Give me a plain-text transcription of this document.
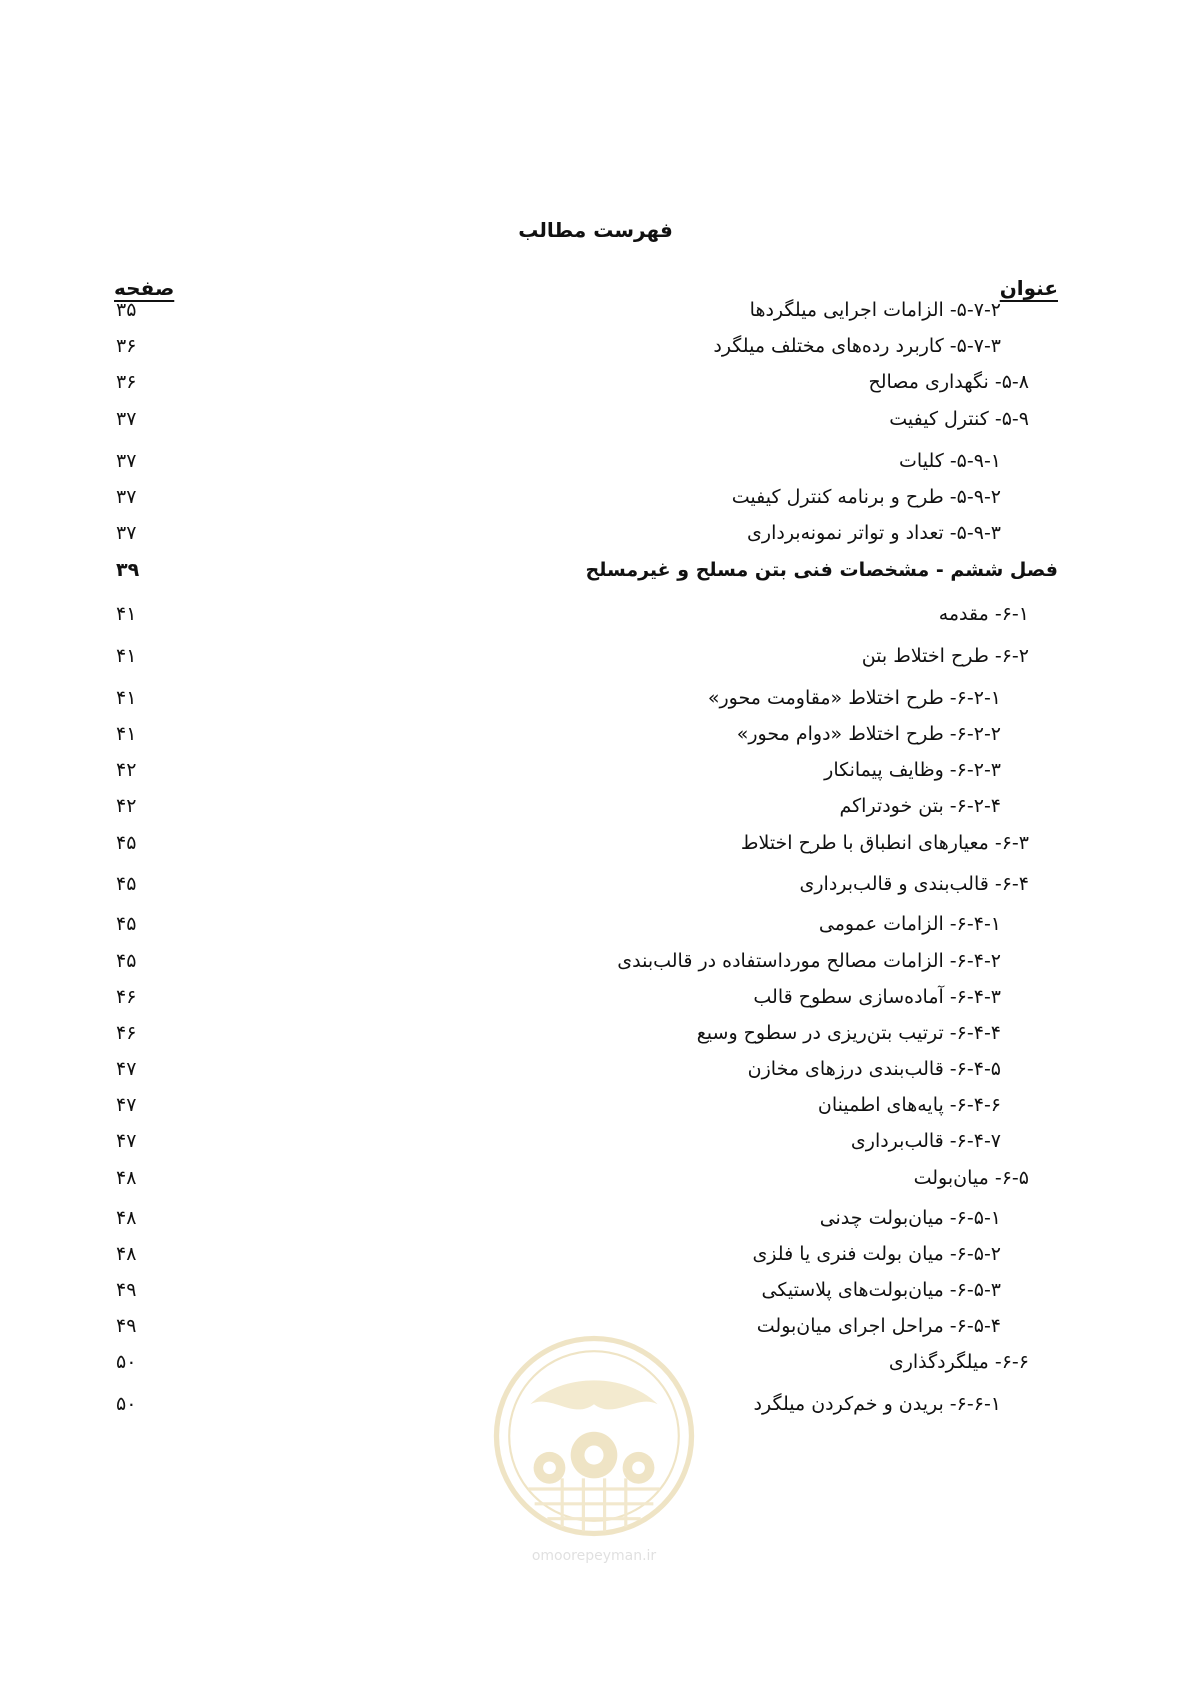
فهرست مطالب
عنوان
صفحه
۵-۷-۲- الزامات اجرایی میلگردها
۳۵
۵-۷-۳- کاربرد رده‌های مختلف میلگرد
۳۶
۵-۸- نگهداری مصالح
۳۶
۵-۹- کنترل کیفیت
۳۷
۵-۹-۱- کلیات
۳۷
۵-۹-۲- طرح و برنامه کنترل کیفیت
۳۷
۵-۹-۳- تعداد و تواتر نمونه‌برداری
۳۷
فصل ششم - مشخصات فنی بتن مسلح و غیرمسلح
۳۹
۶-۱- مقدمه
۴۱
۶-۲- طرح اختلاط بتن
۴۱
۶-۲-۱- طرح اختلاط «مقاومت محور»
۴۱
۶-۲-۲- طرح اختلاط «دوام محور»
۴۱
۶-۲-۳- وظایف پیمانکار
۴۲
۶-۲-۴- بتن خودتراکم
۴۲
۶-۳- معیارهای انطباق با طرح اختلاط
۴۵
۶-۴- قالب‌بندی و قالب‌برداری
۴۵
۶-۴-۱- الزامات عمومی
۴۵
۶-۴-۲- الزامات مصالح مورداستفاده در قالب‌بندی
۴۵
۶-۴-۳- آماده‌سازی سطوح قالب
۴۶
۶-۴-۴- ترتیب بتن‌ریزی در سطوح وسیع
۴۶
۶-۴-۵- قالب‌بندی درزهای مخازن
۴۷
۶-۴-۶- پایه‌های اطمینان
۴۷
۶-۴-۷- قالب‌برداری
۴۷
۶-۵- میان‌بولت
۴۸
۶-۵-۱- میان‌بولت چدنی
۴۸
۶-۵-۲- میان بولت فنری یا فلزی
۴۸
۶-۵-۳- میان‌بولت‌های پلاستیکی
۴۹
۶-۵-۴- مراحل اجرای میان‌بولت
۴۹
۶-۶- میلگردگذاری
۵۰
۶-۶-۱- بریدن و خم‌کردن میلگرد
۵۰
omoorepeyman.ir
